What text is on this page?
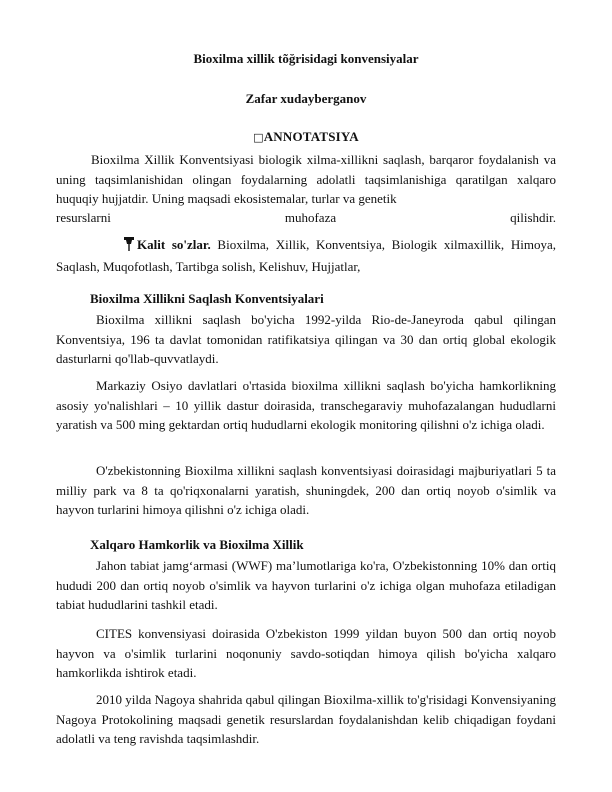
Bioxilma xillik tõğrisidagi konvensiyalar
Zafar xudayberganov
□ANNOTATSIYA
Bioxilma Xillik Konventsiyasi biologik xilma-xillikni saqlash, barqaror foydalanish va uning taqsimlanishidan olingan foydalarning adolatli taqsimlanishiga qaratilgan xalqaro huquqiy hujjatdir. Uning maqsadi ekosistemalar, turlar va genetik
resurslarni	muhofaza	qilishdir.
Kalit so'zlar. Bioxilma, Xillik, Konventsiya, Biologik xilmaxillik, Himoya, Saqlash, Muqofotlash, Tartibga solish, Kelishuv, Hujjatlar,
Bioxilma Xillikni Saqlash Konventsiyalari
Bioxilma xillikni saqlash bo'yicha 1992-yilda Rio-de-Janeyroda qabul qilingan Konventsiya, 196 ta davlat tomonidan ratifikatsiya qilingan va 30 dan ortiq global ekologik dasturlarni qo'llab-quvvatlaydi.
Markaziy Osiyo davlatlari o'rtasida bioxilma xillikni saqlash bo'yicha hamkorlikning asosiy yo'nalishlari – 10 yillik dastur doirasida, transchegaraviy muhofazalangan hududlarni yaratish va 500 ming gektardan ortiq hududlarni ekologik monitoring qilishni o'z ichiga oladi.
O'zbekistonning Bioxilma xillikni saqlash konventsiyasi doirasidagi majburiyatlari 5 ta milliy park va 8 ta qo'riqxonalarni yaratish, shuningdek, 200 dan ortiq noyob o'simlik va hayvon turlarini himoya qilishni o'z ichiga oladi.
Xalqaro Hamkorlik va Bioxilma Xillik
Jahon tabiat jamg‘armasi (WWF) ma’lumotlariga ko'ra, O'zbekistonning 10% dan ortiq hududi 200 dan ortiq noyob o'simlik va hayvon turlarini o'z ichiga olgan muhofaza etiladigan tabiat hududlarini tashkil etadi.
CITES konvensiyasi doirasida O'zbekiston 1999 yildan buyon 500 dan ortiq noyob hayvon va o'simlik turlarini noqonuniy savdo-sotiqdan himoya qilish bo'yicha xalqaro hamkorlikda ishtirok etadi.
2010 yilda Nagoya shahrida qabul qilingan Bioxilma-xillik to'g'risidagi Konvensiyaning Nagoya Protokolining maqsadi genetik resurslardan foydalanishdan kelib chiqadigan foydani adolatli va teng ravishda taqsimlashdir.
